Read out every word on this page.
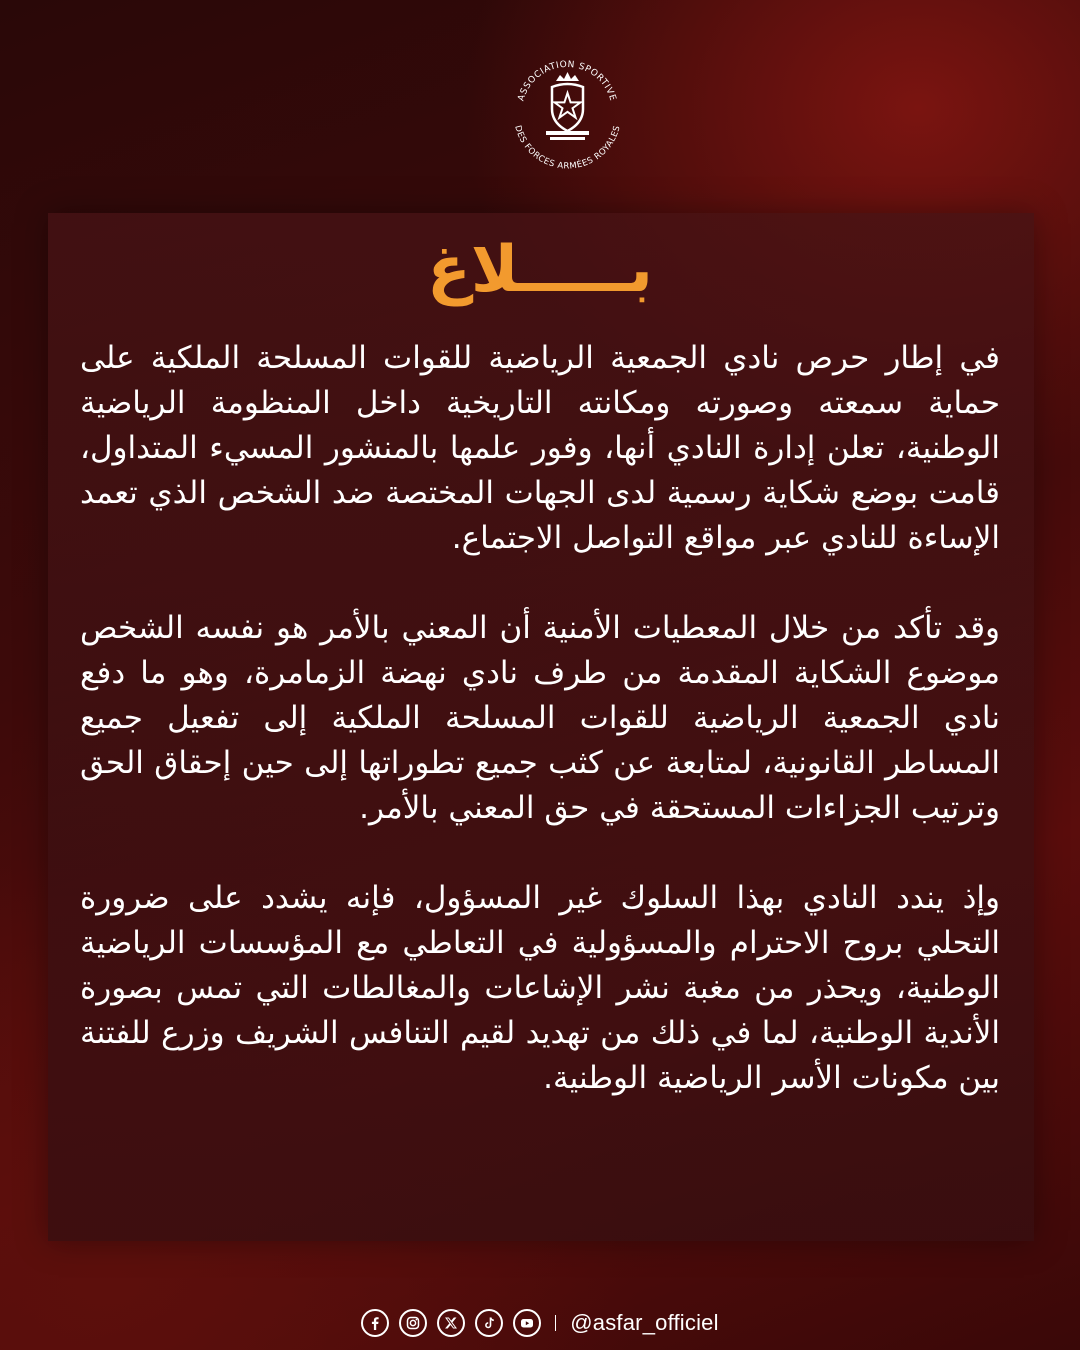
ASSOCIATION SPORTIVE
DES FORCES ARMÉES ROYALES
بـــــلاغ

في إطار حرص نادي الجمعية الرياضية للقوات المسلحة الملكية على حماية سمعته وصورته ومكانته التاريخية داخل المنظومة الرياضية الوطنية، تعلن إدارة النادي أنها، وفور علمها بالمنشور المسيء المتداول، قامت بوضع شكاية رسمية لدى الجهات المختصة ضد الشخص الذي تعمد الإساءة للنادي عبر مواقع التواصل الاجتماع.

وقد تأكد من خلال المعطيات الأمنية أن المعني بالأمر هو نفسه الشخص موضوع الشكاية المقدمة من طرف نادي نهضة الزمامرة، وهو ما دفع نادي الجمعية الرياضية للقوات المسلحة الملكية إلى تفعيل جميع المساطر القانونية، لمتابعة عن كثب جميع تطوراتها إلى حين إحقاق الحق وترتيب الجزاءات المستحقة في حق المعني بالأمر.

وإذ يندد النادي بهذا السلوك غير المسؤول، فإنه يشدد على ضرورة التحلي بروح الاحترام والمسؤولية في التعاطي مع المؤسسات الرياضية الوطنية، ويحذر من مغبة نشر الإشاعات والمغالطات التي تمس بصورة الأندية الوطنية، لما في ذلك من تهديد لقيم التنافس الشريف وزرع للفتنة بين مكونات الأسر الرياضية الوطنية.

@asfar_officiel
